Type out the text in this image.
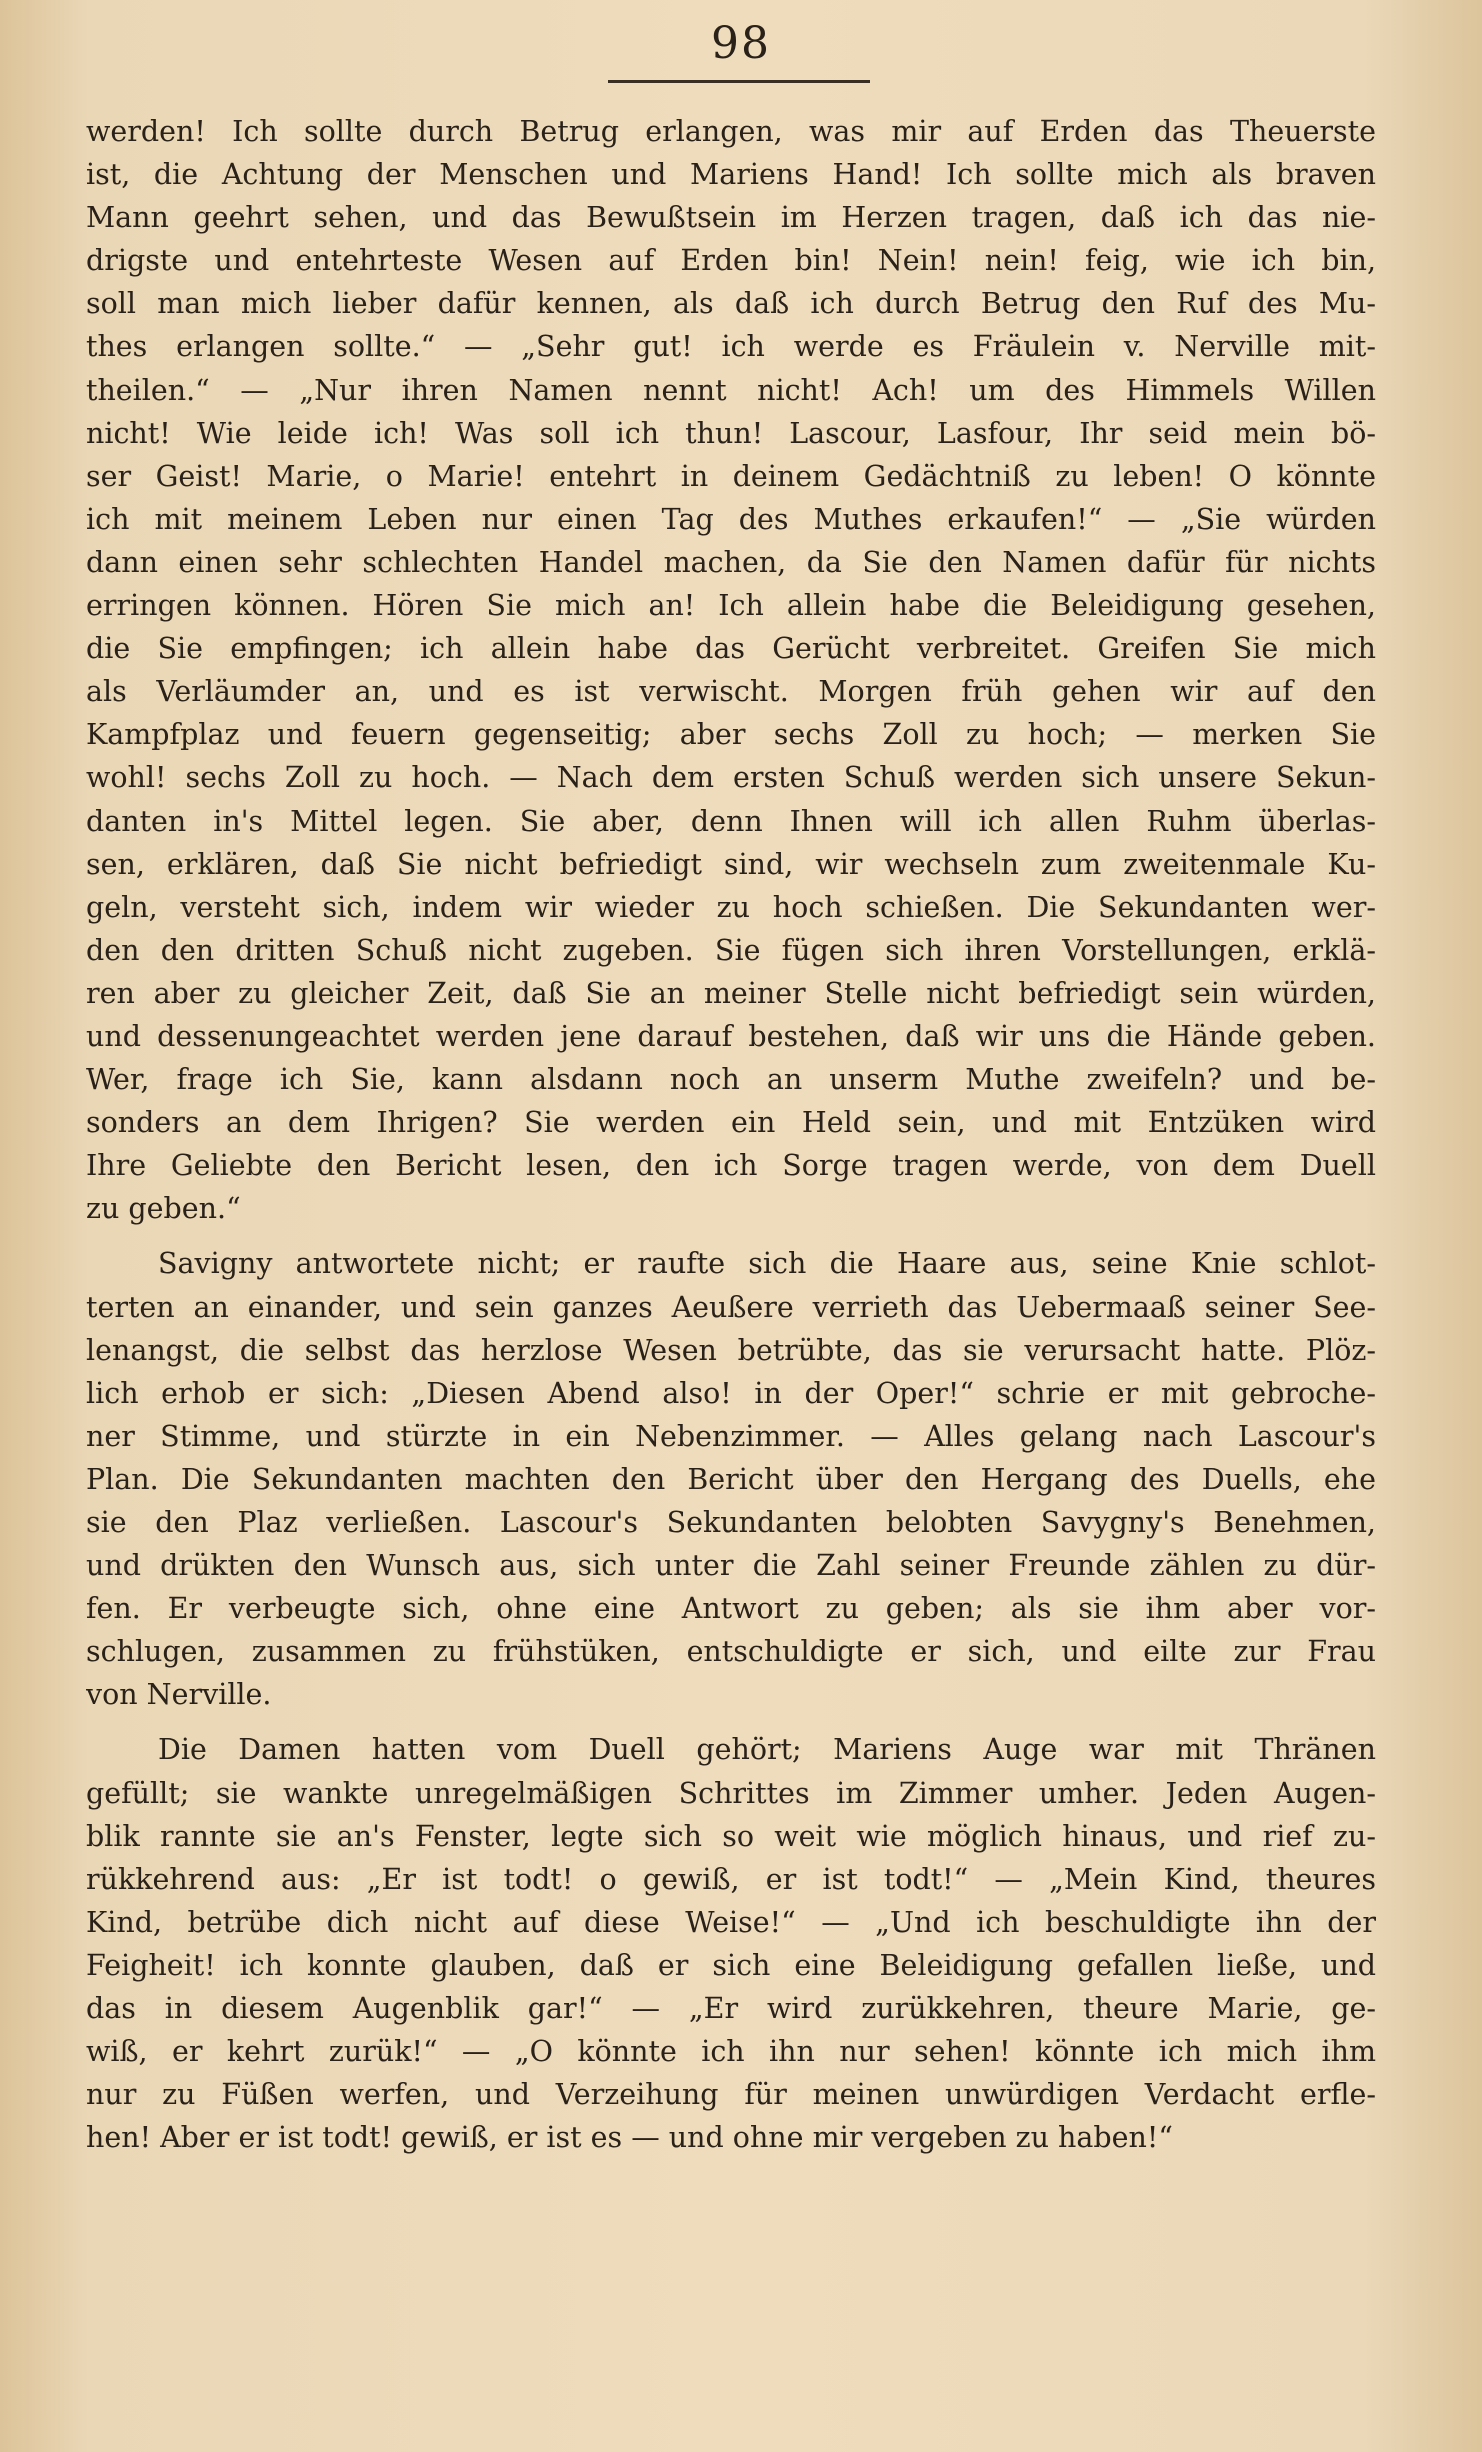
98
werden! Ich sollte durch Betrug erlangen, was mir auf Erden das Theuerste
ist, die Achtung der Menschen und Mariens Hand! Ich sollte mich als braven
Mann geehrt sehen, und das Bewußtsein im Herzen tragen, daß ich das nie-
drigste und entehrteste Wesen auf Erden bin! Nein! nein! feig, wie ich bin,
soll man mich lieber dafür kennen, als daß ich durch Betrug den Ruf des Mu-
thes erlangen sollte.“ — „Sehr gut! ich werde es Fräulein v. Nerville mit-
theilen.“ — „Nur ihren Namen nennt nicht! Ach! um des Himmels Willen
nicht! Wie leide ich! Was soll ich thun! Lascour, Lasfour, Ihr seid mein bö-
ser Geist! Marie, o Marie! entehrt in deinem Gedächtniß zu leben! O könnte
ich mit meinem Leben nur einen Tag des Muthes erkaufen!“ — „Sie würden
dann einen sehr schlechten Handel machen, da Sie den Namen dafür für nichts
erringen können. Hören Sie mich an! Ich allein habe die Beleidigung gesehen,
die Sie empfingen; ich allein habe das Gerücht verbreitet. Greifen Sie mich
als Verläumder an, und es ist verwischt. Morgen früh gehen wir auf den
Kampfplaz und feuern gegenseitig; aber sechs Zoll zu hoch; — merken Sie
wohl! sechs Zoll zu hoch. — Nach dem ersten Schuß werden sich unsere Sekun-
danten in's Mittel legen. Sie aber, denn Ihnen will ich allen Ruhm überlas-
sen, erklären, daß Sie nicht befriedigt sind, wir wechseln zum zweitenmale Ku-
geln, versteht sich, indem wir wieder zu hoch schießen. Die Sekundanten wer-
den den dritten Schuß nicht zugeben. Sie fügen sich ihren Vorstellungen, erklä-
ren aber zu gleicher Zeit, daß Sie an meiner Stelle nicht befriedigt sein würden,
und dessenungeachtet werden jene darauf bestehen, daß wir uns die Hände geben.
Wer, frage ich Sie, kann alsdann noch an unserm Muthe zweifeln? und be-
sonders an dem Ihrigen? Sie werden ein Held sein, und mit Entzüken wird
Ihre Geliebte den Bericht lesen, den ich Sorge tragen werde, von dem Duell
zu geben.“
Savigny antwortete nicht; er raufte sich die Haare aus, seine Knie schlot-
terten an einander, und sein ganzes Aeußere verrieth das Uebermaaß seiner See-
lenangst, die selbst das herzlose Wesen betrübte, das sie verursacht hatte. Plöz-
lich erhob er sich: „Diesen Abend also! in der Oper!“ schrie er mit gebroche-
ner Stimme, und stürzte in ein Nebenzimmer. — Alles gelang nach Lascour's
Plan. Die Sekundanten machten den Bericht über den Hergang des Duells, ehe
sie den Plaz verließen. Lascour's Sekundanten belobten Savygny's Benehmen,
und drükten den Wunsch aus, sich unter die Zahl seiner Freunde zählen zu dür-
fen. Er verbeugte sich, ohne eine Antwort zu geben; als sie ihm aber vor-
schlugen, zusammen zu frühstüken, entschuldigte er sich, und eilte zur Frau
von Nerville.
Die Damen hatten vom Duell gehört; Mariens Auge war mit Thränen
gefüllt; sie wankte unregelmäßigen Schrittes im Zimmer umher. Jeden Augen-
blik rannte sie an's Fenster, legte sich so weit wie möglich hinaus, und rief zu-
rükkehrend aus: „Er ist todt! o gewiß, er ist todt!“ — „Mein Kind, theures
Kind, betrübe dich nicht auf diese Weise!“ — „Und ich beschuldigte ihn der
Feigheit! ich konnte glauben, daß er sich eine Beleidigung gefallen ließe, und
das in diesem Augenblik gar!“ — „Er wird zurükkehren, theure Marie, ge-
wiß, er kehrt zurük!“ — „O könnte ich ihn nur sehen! könnte ich mich ihm
nur zu Füßen werfen, und Verzeihung für meinen unwürdigen Verdacht erfle-
hen! Aber er ist todt! gewiß, er ist es — und ohne mir vergeben zu haben!“
